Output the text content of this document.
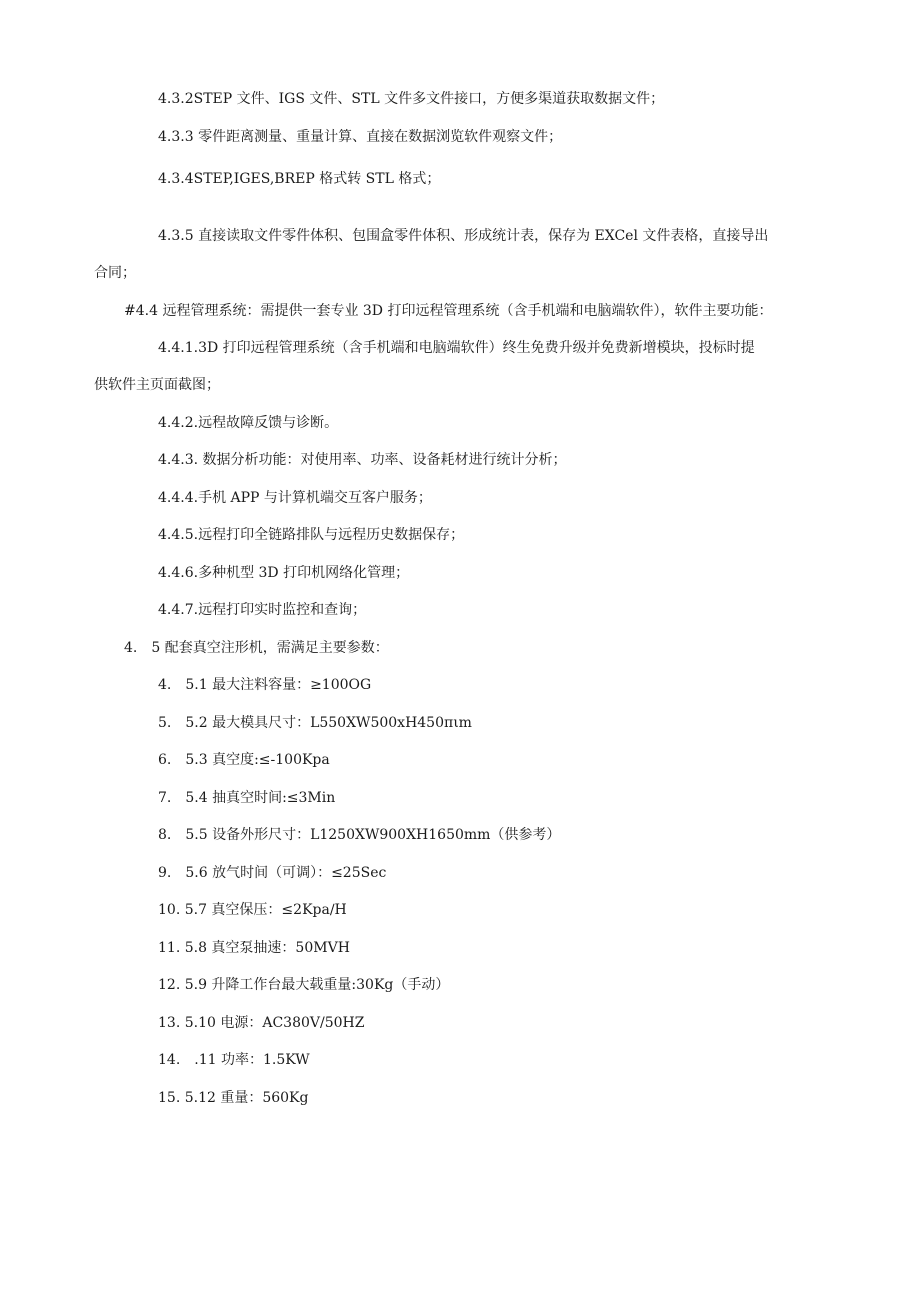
4.3.2STEP 文件、IGS 文件、STL 文件多文件接口，方便多渠道获取数据文件；
4.3.3 零件距离测量、重量计算、直接在数据浏览软件观察文件；
4.3.4STEP,IGES,BREP 格式转 STL 格式；
4.3.5 直接读取文件零件体积、包围盒零件体积、形成统计表，保存为 EXCel 文件表格，直接导出
合同；
#4.4 远程管理系统：需提供一套专业 3D 打印远程管理系统（含手机端和电脑端软件），软件主要功能：
4.4.1.3D 打印远程管理系统（含手机端和电脑端软件）终生免费升级并免费新增模块，投标时提
供软件主页面截图；
4.4.2.远程故障反馈与诊断。
4.4.3. 数据分析功能：对使用率、功率、设备耗材进行统计分析；
4.4.4.手机 APP 与计算机端交互客户服务；
4.4.5.远程打印全链路排队与远程历史数据保存；
4.4.6.多种机型 3D 打印机网络化管理；
4.4.7.远程打印实时监控和查询；
4.　5 配套真空注形机，需满足主要参数：
4.　5.1 最大注料容量：≥100OG
5.　5.2 最大模具尺寸：L550XW500xH450πιm
6.　5.3 真空度:≤-100Kpa
7.　5.4 抽真空时间:≤3Min
8.　5.5 设备外形尺寸：L1250XW900XH1650mm（供参考）
9.　5.6 放气时间（可调）：≤25Sec
10. 5.7 真空保压：≤2Kpa∕H
11. 5.8 真空泵抽速：50MVH
12. 5.9 升降工作台最大载重量:30Kg（手动）
13. 5.10 电源：AC380V/50HZ
14.　.11 功率：1.5KW
15. 5.12 重量：560Kg
